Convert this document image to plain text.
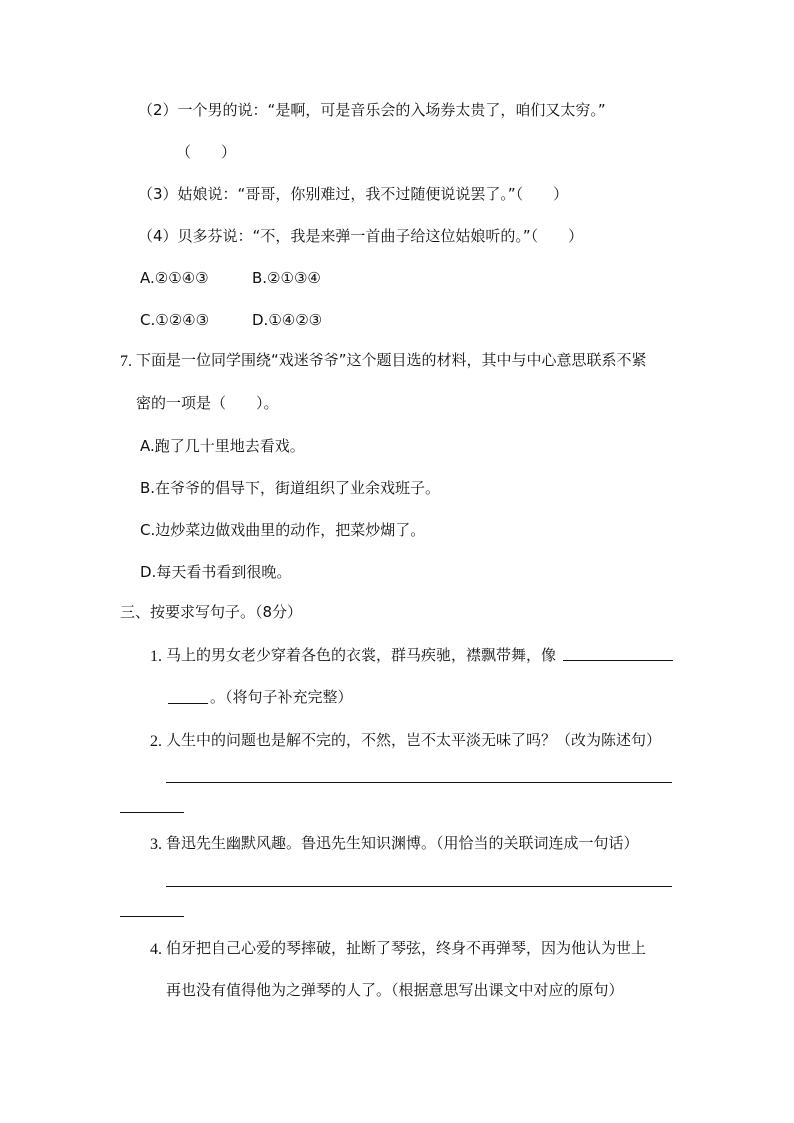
（2）一个男的说：“是啊，可是音乐会的入场券太贵了，咱们又太穷。”
（　　）
（3）姑娘说：“哥哥，你别难过，我不过随便说说罢了。”（　　）
（4）贝多芬说：“不，我是来弹一首曲子给这位姑娘听的。”（　　）
A.②①④③	B.②①③④
C.①②④③	D.①④②③
7. 下面是一位同学围绕“戏迷爷爷”这个题目选的材料，其中与中心意思联系不紧
密的一项是（　　）。
A.跑了几十里地去看戏。
B.在爷爷的倡导下，街道组织了业余戏班子。
C.边炒菜边做戏曲里的动作，把菜炒煳了。
D.每天看书看到很晚。
三、按要求写句子。（8分）
1. 马上的男女老少穿着各色的衣裳，群马疾驰，襟飘带舞，像
。（将句子补充完整）
2. 人生中的问题也是解不完的，不然，岂不太平淡无味了吗？（改为陈述句）
3. 鲁迅先生幽默风趣。鲁迅先生知识渊博。（用恰当的关联词连成一句话）
4. 伯牙把自己心爱的琴摔破，扯断了琴弦，终身不再弹琴，因为他认为世上
再也没有值得他为之弹琴的人了。（根据意思写出课文中对应的原句）
